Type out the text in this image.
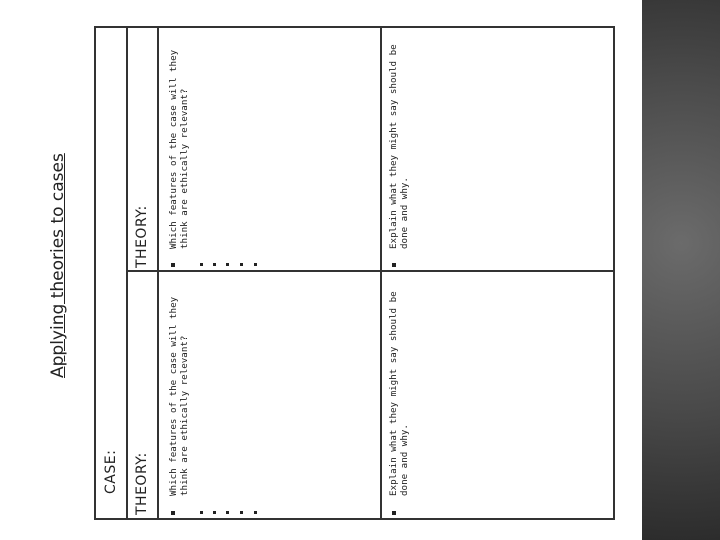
Applying theories to cases
CASE: THEORY: Which features of the case will they think are ethically relevant?	Explain what they might say should be done and why.
THEORY: Which features of the case will they think are ethically relevant?	Explain what they might say should be done and why.
